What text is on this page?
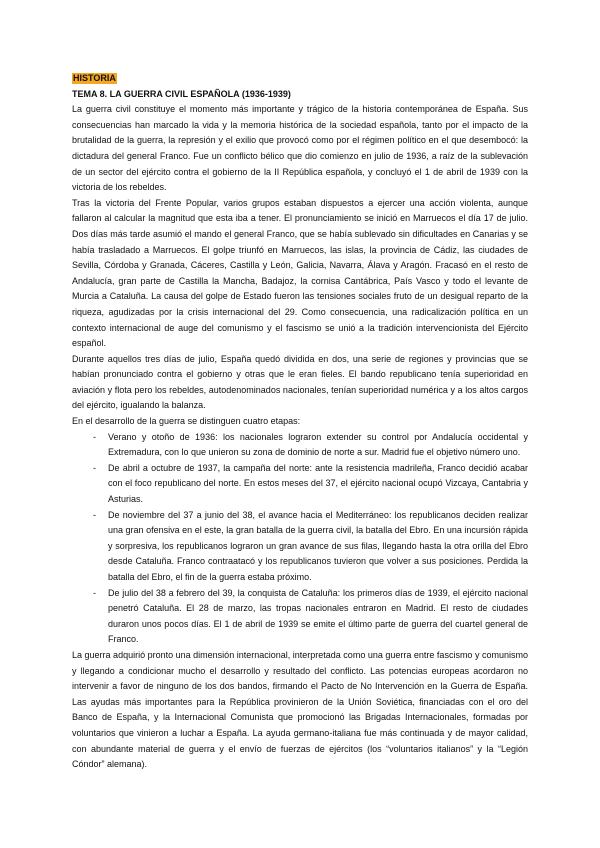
HISTORIA
TEMA 8. LA GUERRA CIVIL ESPAÑOLA (1936-1939)

La guerra civil constituye el momento más importante y trágico de la historia contemporánea de España. Sus consecuencias han marcado la vida y la memoria histórica de la sociedad española, tanto por el impacto de la brutalidad de la guerra, la represión y el exilio que provocó como por el régimen político en el que desembocó: la dictadura del general Franco. Fue un conflicto bélico que dio comienzo en julio de 1936, a raíz de la sublevación de un sector del ejército contra el gobierno de la II República española, y concluyó el 1 de abril de 1939 con la victoria de los rebeldes.

Tras la victoria del Frente Popular, varios grupos estaban dispuestos a ejercer una acción violenta, aunque fallaron al calcular la magnitud que esta iba a tener. El pronunciamiento se inició en Marruecos el día 17 de julio. Dos días más tarde asumió el mando el general Franco, que se había sublevado sin dificultades en Canarias y se había trasladado a Marruecos. El golpe triunfó en Marruecos, las islas, la provincia de Cádiz, las ciudades de Sevilla, Córdoba y Granada, Cáceres, Castilla y León, Galicia, Navarra, Álava y Aragón. Fracasó en el resto de Andalucía, gran parte de Castilla la Mancha, Badajoz, la cornisa Cantábrica, País Vasco y todo el levante de Murcia a Cataluña. La causa del golpe de Estado fueron las tensiones sociales fruto de un desigual reparto de la riqueza, agudizadas por la crisis internacional del 29. Como consecuencia, una radicalización política en un contexto internacional de auge del comunismo y el fascismo se unió a la tradición intervencionista del Ejército español.

Durante aquellos tres días de julio, España quedó dividida en dos, una serie de regiones y provincias que se habían pronunciado contra el gobierno y otras que le eran fieles. El bando republicano tenía superioridad en aviación y flota pero los rebeldes, autodenominados nacionales, tenían superioridad numérica y a los altos cargos del ejército, igualando la balanza.

En el desarrollo de la guerra se distinguen cuatro etapas:

- Verano y otoño de 1936: los nacionales lograron extender su control por Andalucía occidental y Extremadura, con lo que unieron su zona de dominio de norte a sur. Madrid fue el objetivo número uno.
- De abril a octubre de 1937, la campaña del norte: ante la resistencia madrileña, Franco decidió acabar con el foco republicano del norte. En estos meses del 37, el ejército nacional ocupó Vizcaya, Cantabria y Asturias.
- De noviembre del 37 a junio del 38, el avance hacia el Mediterráneo: los republicanos deciden realizar una gran ofensiva en el este, la gran batalla de la guerra civil, la batalla del Ebro. En una incursión rápida y sorpresiva, los republicanos lograron un gran avance de sus filas, llegando hasta la otra orilla del Ebro desde Cataluña. Franco contraatacó y los republicanos tuvieron que volver a sus posiciones. Perdida la batalla del Ebro, el fin de la guerra estaba próximo.
- De julio del 38 a febrero del 39, la conquista de Cataluña: los primeros días de 1939, el ejército nacional penetró Cataluña. El 28 de marzo, las tropas nacionales entraron en Madrid. El resto de ciudades duraron unos pocos días. El 1 de abril de 1939 se emite el último parte de guerra del cuartel general de Franco.

La guerra adquirió pronto una dimensión internacional, interpretada como una guerra entre fascismo y comunismo y llegando a condicionar mucho el desarrollo y resultado del conflicto. Las potencias europeas acordaron no intervenir a favor de ninguno de los dos bandos, firmando el Pacto de No Intervención en la Guerra de España. Las ayudas más importantes para la República provinieron de la Unión Soviética, financiadas con el oro del Banco de España, y la Internacional Comunista que promocionó las Brigadas Internacionales, formadas por voluntarios que vinieron a luchar a España. La ayuda germano-italiana fue más continuada y de mayor calidad, con abundante material de guerra y el envío de fuerzas de ejércitos (los “voluntarios italianos” y la “Legión Cóndor” alemana).
